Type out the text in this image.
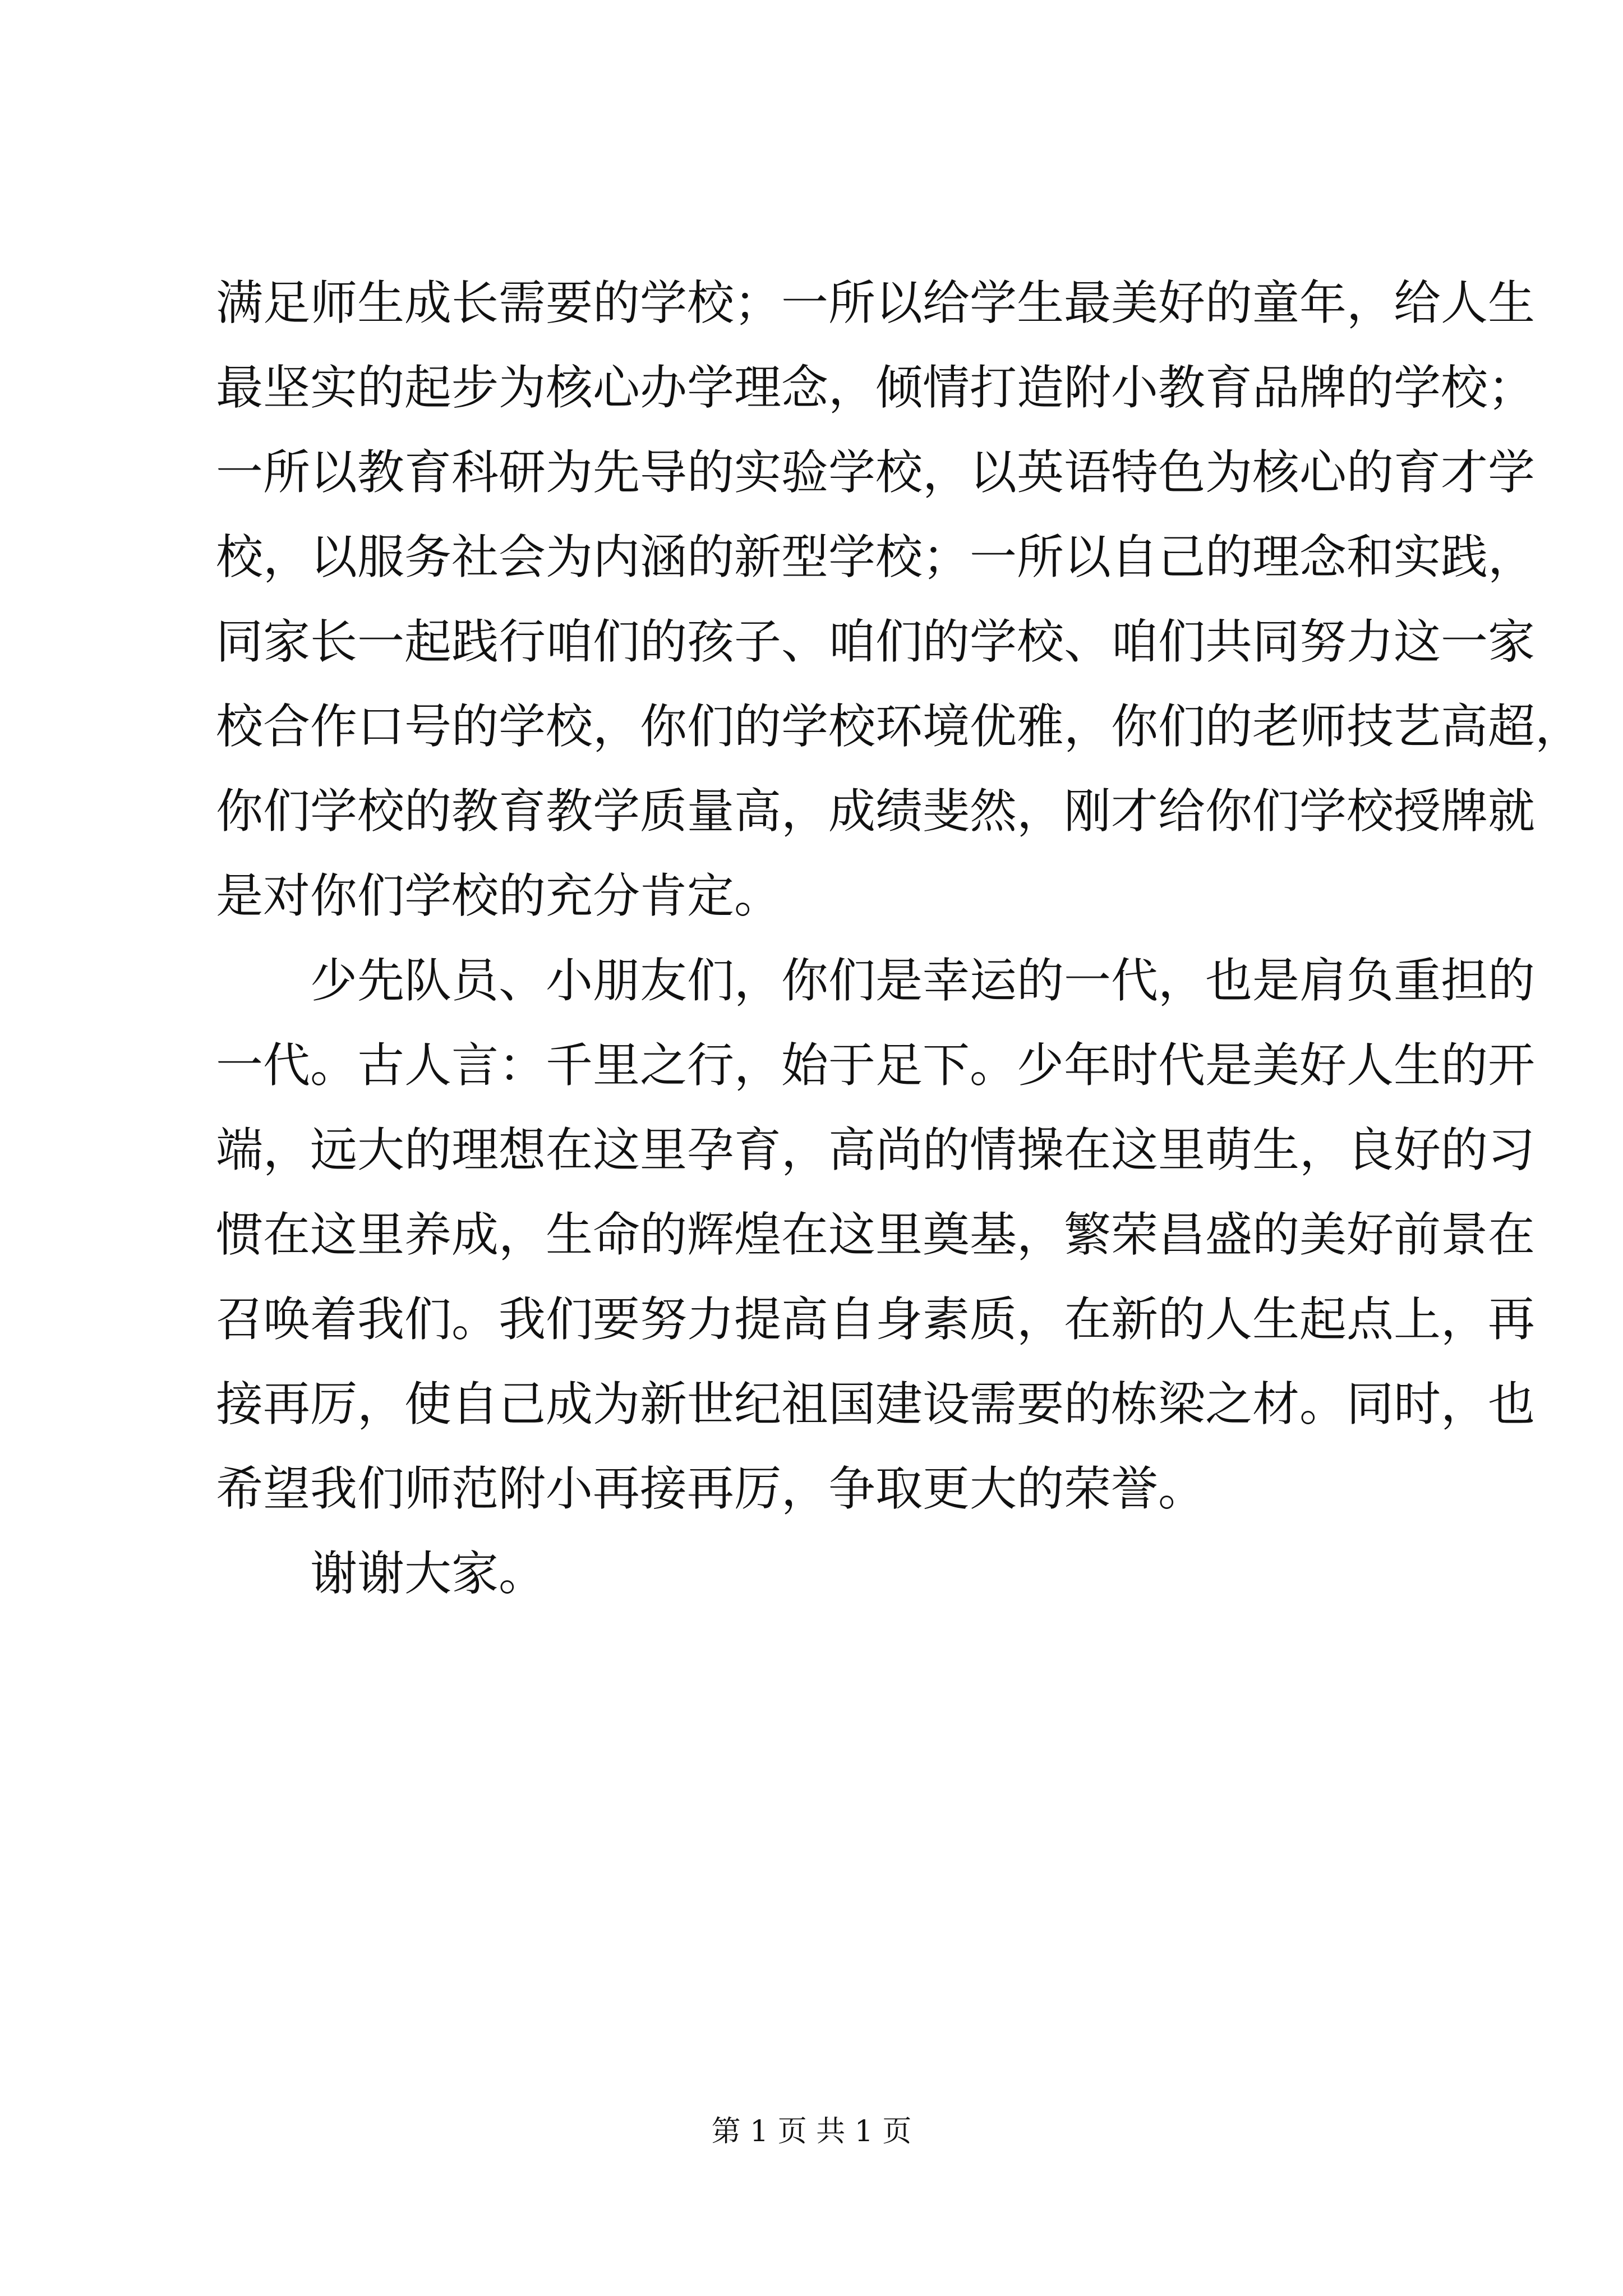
满足师生成长需要的学校；一所以给学生最美好的童年，给人生
最坚实的起步为核心办学理念，倾情打造附小教育品牌的学校；
一所以教育科研为先导的实验学校，以英语特色为核心的育才学
校，以服务社会为内涵的新型学校；一所以自己的理念和实践，
同家长一起践行咱们的孩子、咱们的学校、咱们共同努力这一家
校合作口号的学校，你们的学校环境优雅，你们的老师技艺高超，
你们学校的教育教学质量高，成绩斐然，刚才给你们学校授牌就
是对你们学校的充分肯定。
少先队员、小朋友们，你们是幸运的一代，也是肩负重担的
一代。古人言：千里之行，始于足下。少年时代是美好人生的开
端，远大的理想在这里孕育，高尚的情操在这里萌生，良好的习
惯在这里养成，生命的辉煌在这里奠基，繁荣昌盛的美好前景在
召唤着我们。我们要努力提高自身素质，在新的人生起点上，再
接再厉，使自己成为新世纪祖国建设需要的栋梁之材。同时，也
希望我们师范附小再接再厉，争取更大的荣誉。
谢谢大家。
第 1 页 共 1 页
